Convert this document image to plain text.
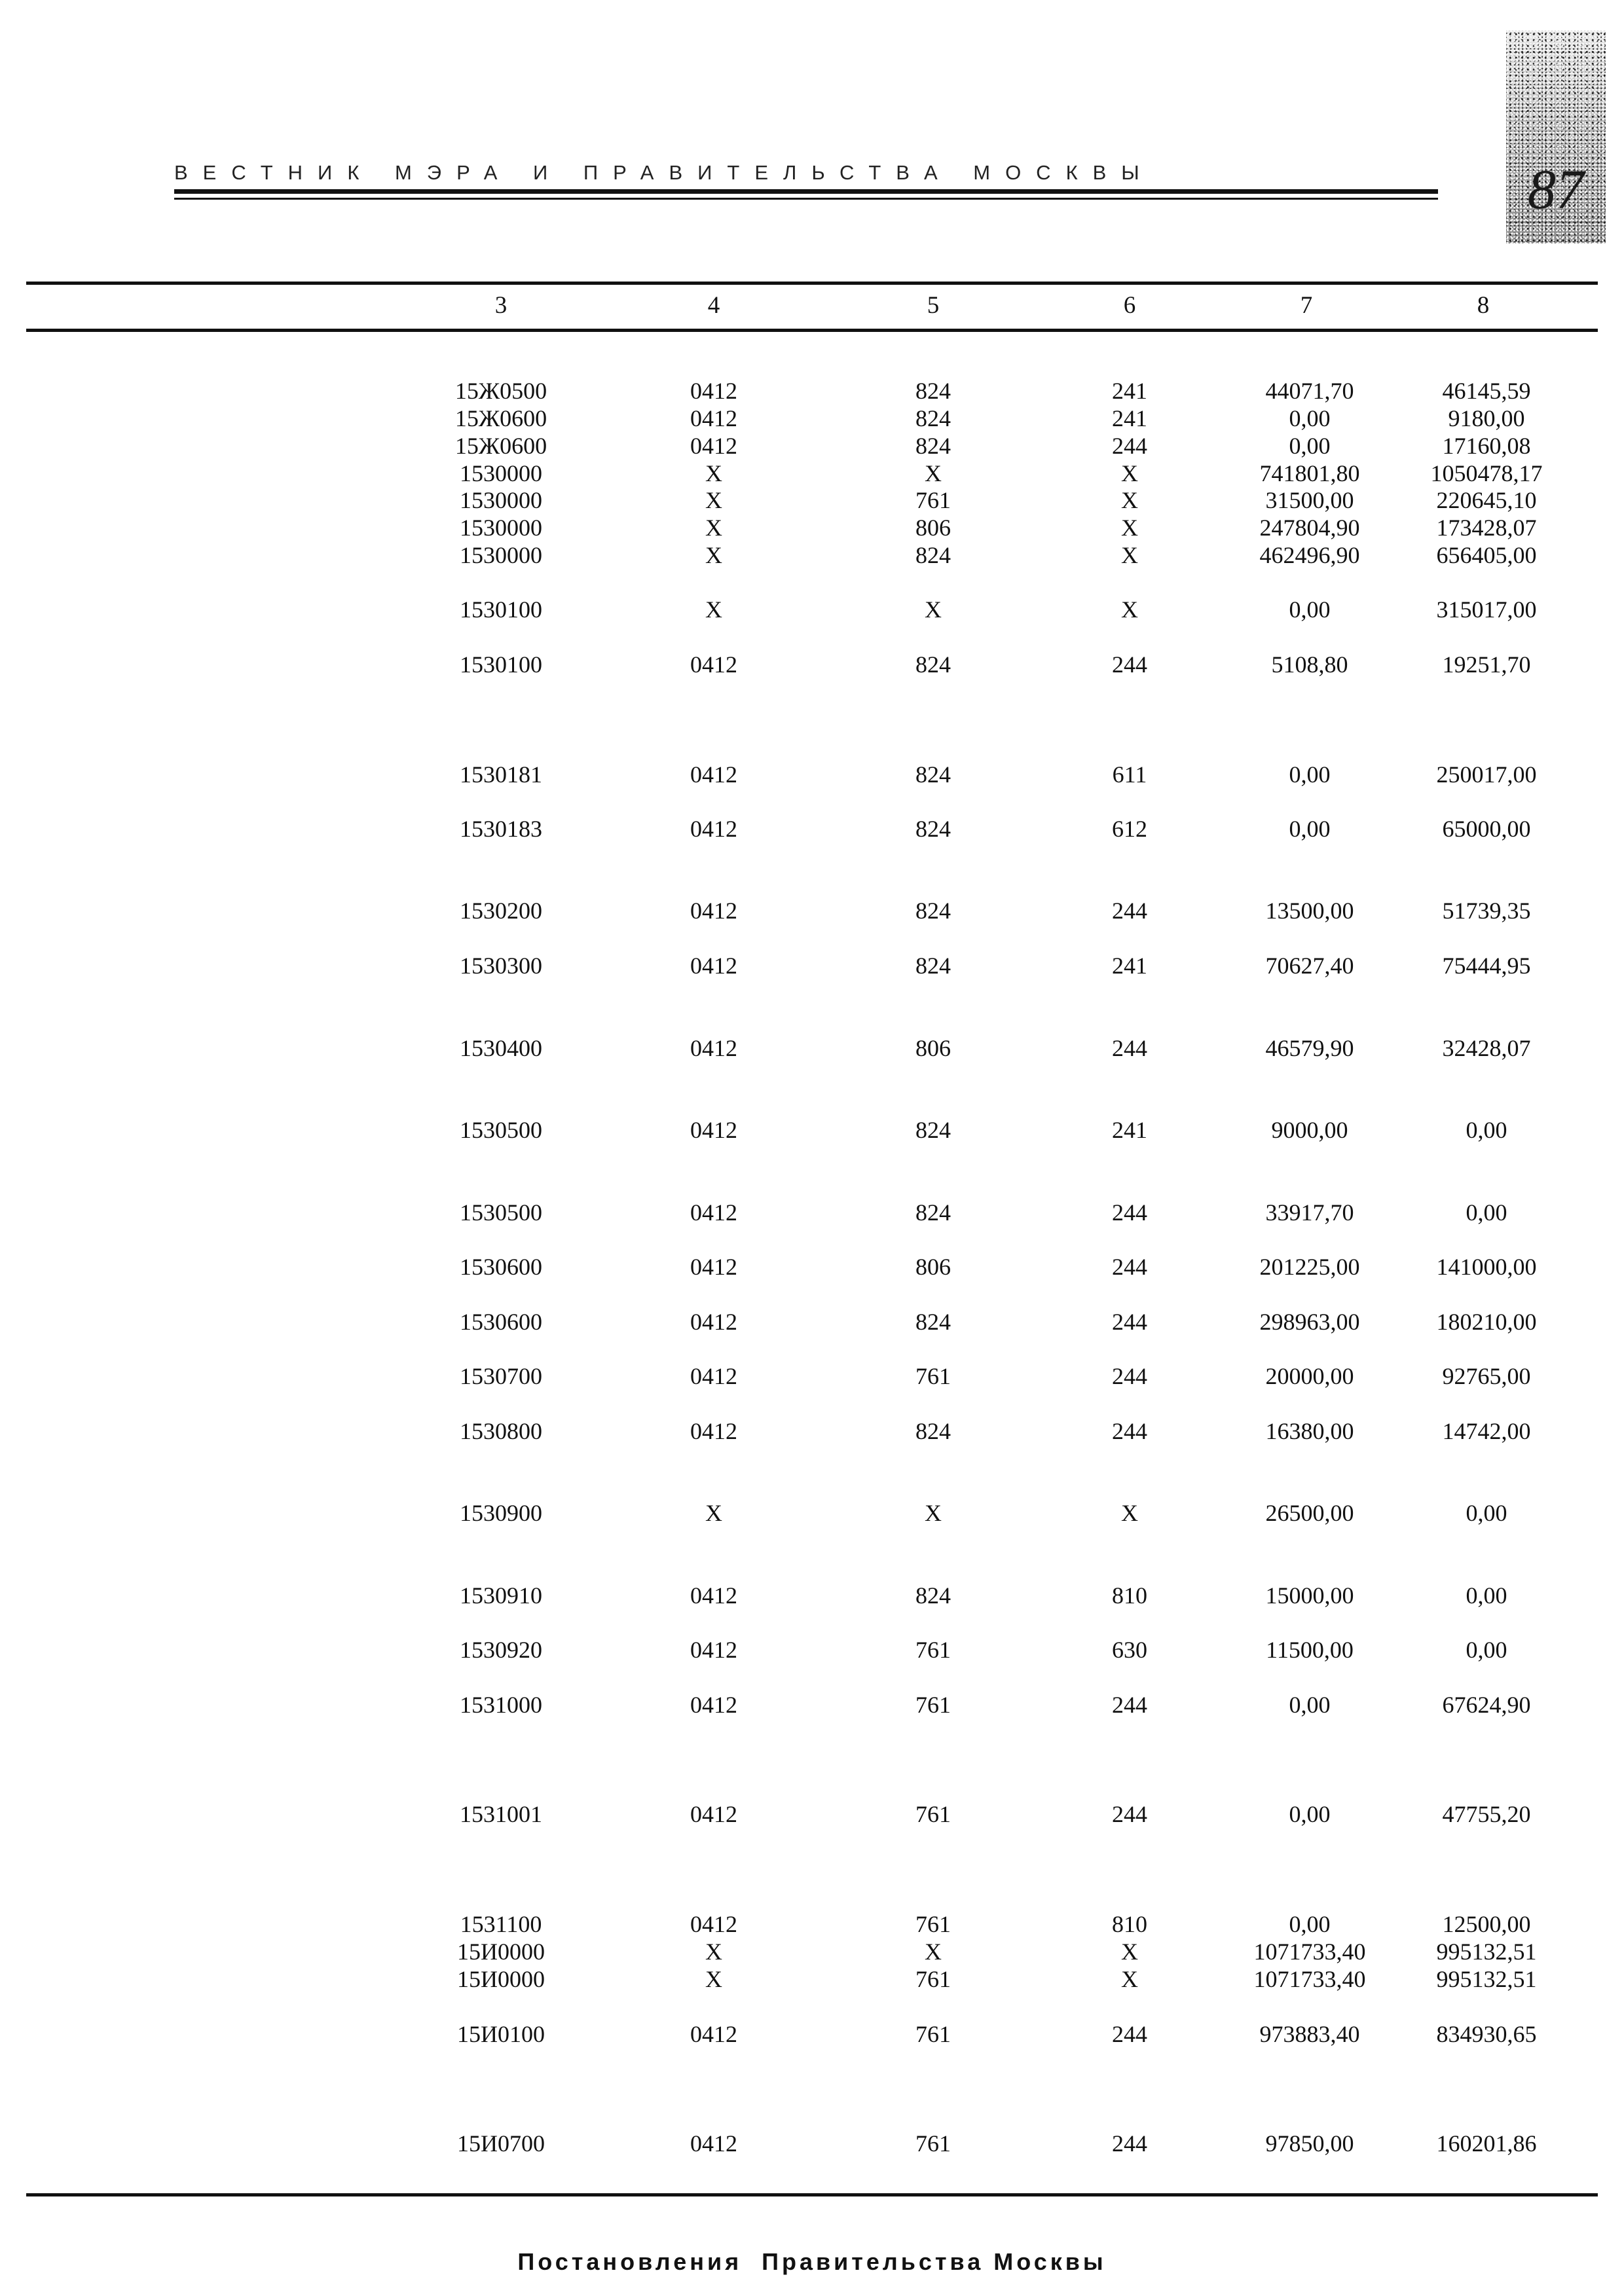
ВЕСТНИК МЭРА И ПРАВИТЕЛЬСТВА МОСКВЫ	87
3	4	5	6	7	8
15Ж0500	0412	824	241	44071,70	46145,59
15Ж0600	0412	824	241	0,00	9180,00
15Ж0600	0412	824	244	0,00	17160,08
1530000	Х	Х	Х	741801,80	1050478,17
1530000	Х	761	Х	31500,00	220645,10
1530000	Х	806	Х	247804,90	173428,07
1530000	Х	824	Х	462496,90	656405,00
1530100	Х	Х	Х	0,00	315017,00
1530100	0412	824	244	5108,80	19251,70
1530181	0412	824	611	0,00	250017,00
1530183	0412	824	612	0,00	65000,00
1530200	0412	824	244	13500,00	51739,35
1530300	0412	824	241	70627,40	75444,95
1530400	0412	806	244	46579,90	32428,07
1530500	0412	824	241	9000,00	0,00
1530500	0412	824	244	33917,70	0,00
1530600	0412	806	244	201225,00	141000,00
1530600	0412	824	244	298963,00	180210,00
1530700	0412	761	244	20000,00	92765,00
1530800	0412	824	244	16380,00	14742,00
1530900	Х	Х	Х	26500,00	0,00
1530910	0412	824	810	15000,00	0,00
1530920	0412	761	630	11500,00	0,00
1531000	0412	761	244	0,00	67624,90
1531001	0412	761	244	0,00	47755,20
1531100	0412	761	810	0,00	12500,00
15И0000	Х	Х	Х	1071733,40	995132,51
15И0000	Х	761	Х	1071733,40	995132,51
15И0100	0412	761	244	973883,40	834930,65
15И0700	0412	761	244	97850,00	160201,86
Постановления  Правительства Москвы
